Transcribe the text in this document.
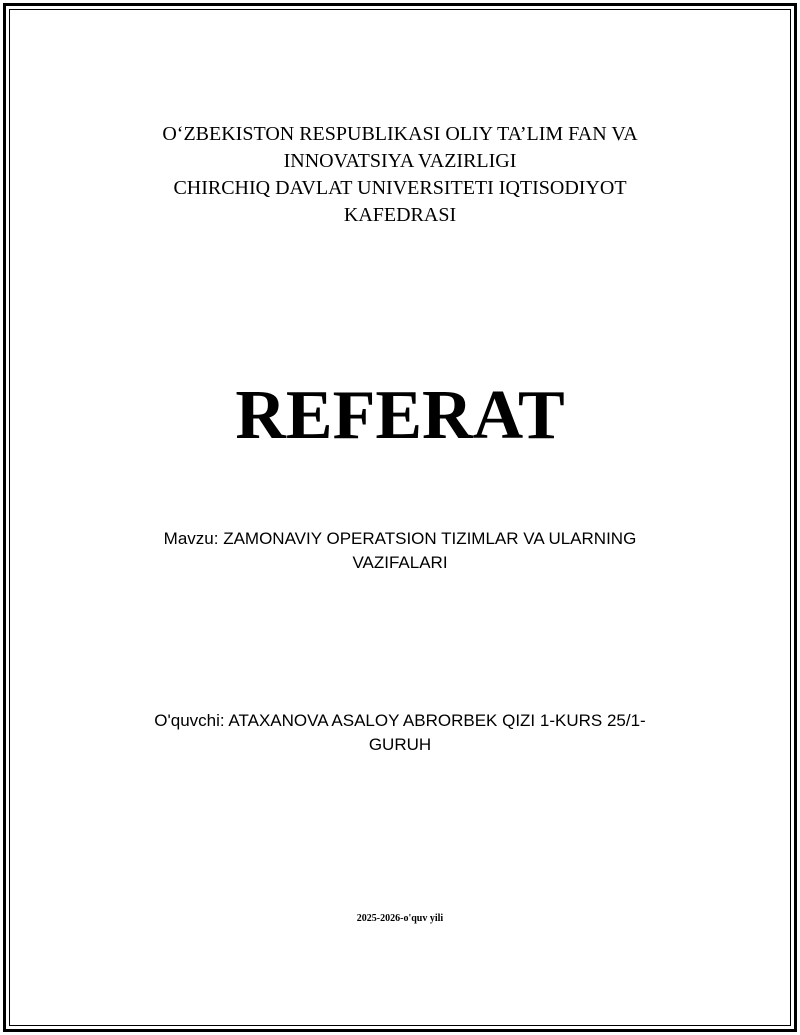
O‘ZBEKISTON RESPUBLIKASI OLIY TA’LIM FAN VA
INNOVATSIYA VAZIRLIGI
CHIRCHIQ DAVLAT UNIVERSITETI IQTISODIYOT
KAFEDRASI
REFERAT
Mavzu: ZAMONAVIY OPERATSION TIZIMLAR VA ULARNING
VAZIFALARI
O'quvchi: ATAXANOVA ASALOY ABRORBEK QIZI 1-KURS 25/1-
GURUH
2025-2026-o'quv yili
